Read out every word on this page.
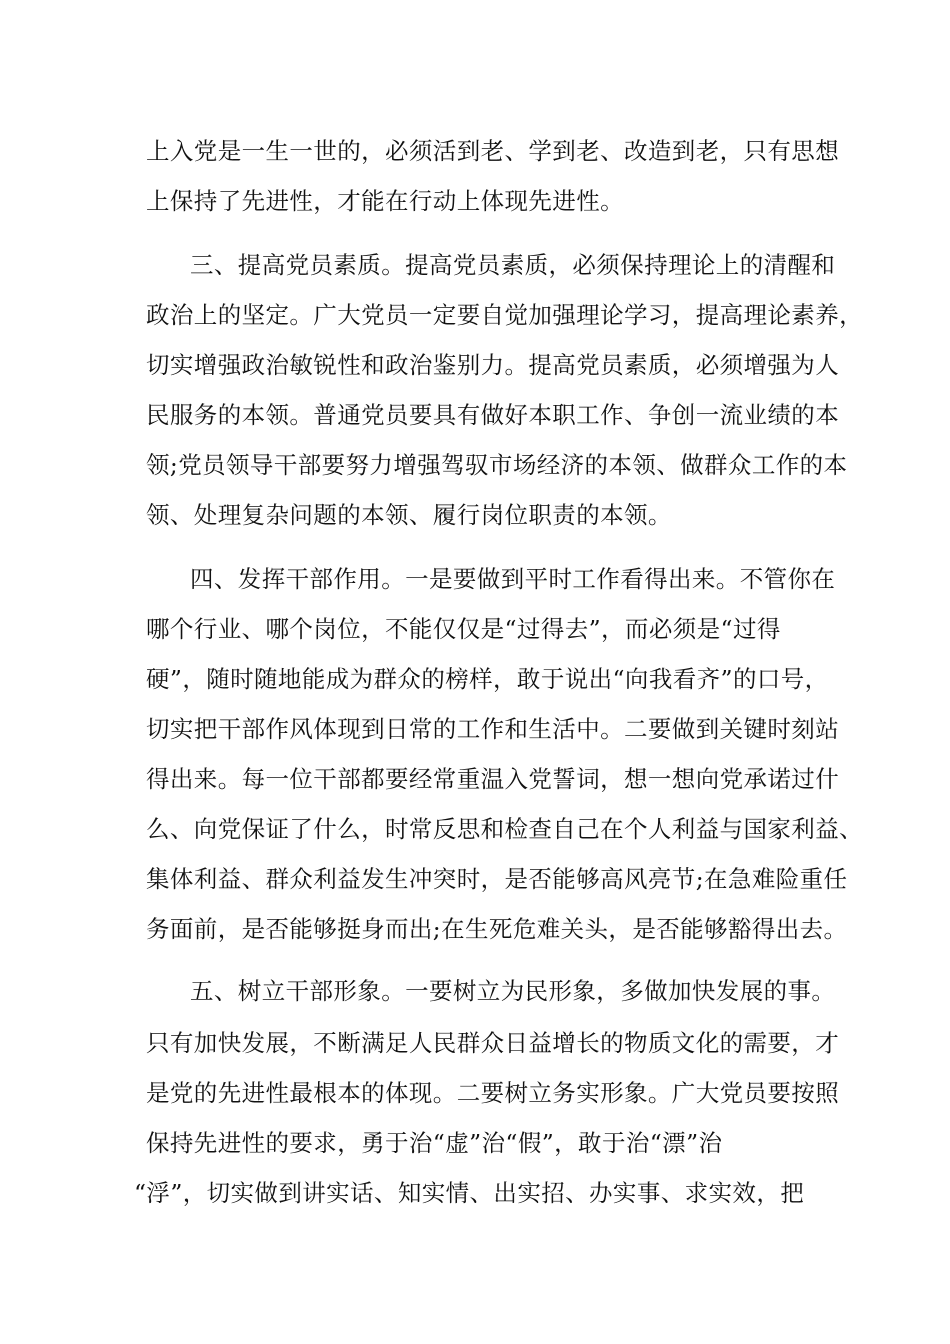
上入党是一生一世的，必须活到老、学到老、改造到老，只有思想
上保持了先进性，才能在行动上体现先进性。
三、提高党员素质。提高党员素质，必须保持理论上的清醒和
政治上的坚定。广大党员一定要自觉加强理论学习，提高理论素养，
切实增强政治敏锐性和政治鉴别力。提高党员素质，必须增强为人
民服务的本领。普通党员要具有做好本职工作、争创一流业绩的本
领;党员领导干部要努力增强驾驭市场经济的本领、做群众工作的本
领、处理复杂问题的本领、履行岗位职责的本领。
四、发挥干部作用。一是要做到平时工作看得出来。不管你在
哪个行业、哪个岗位，不能仅仅是“过得去”，而必须是“过得
硬”，随时随地能成为群众的榜样，敢于说出“向我看齐”的口号，
切实把干部作风体现到日常的工作和生活中。二要做到关键时刻站
得出来。每一位干部都要经常重温入党誓词，想一想向党承诺过什
么、向党保证了什么，时常反思和检查自己在个人利益与国家利益、
集体利益、群众利益发生冲突时，是否能够高风亮节;在急难险重任
务面前，是否能够挺身而出;在生死危难关头，是否能够豁得出去。
五、树立干部形象。一要树立为民形象，多做加快发展的事。
只有加快发展，不断满足人民群众日益增长的物质文化的需要，才
是党的先进性最根本的体现。二要树立务实形象。广大党员要按照
保持先进性的要求，勇于治“虚”治“假”，敢于治“漂”治
“浮”，切实做到讲实话、知实情、出实招、办实事、求实效，把
